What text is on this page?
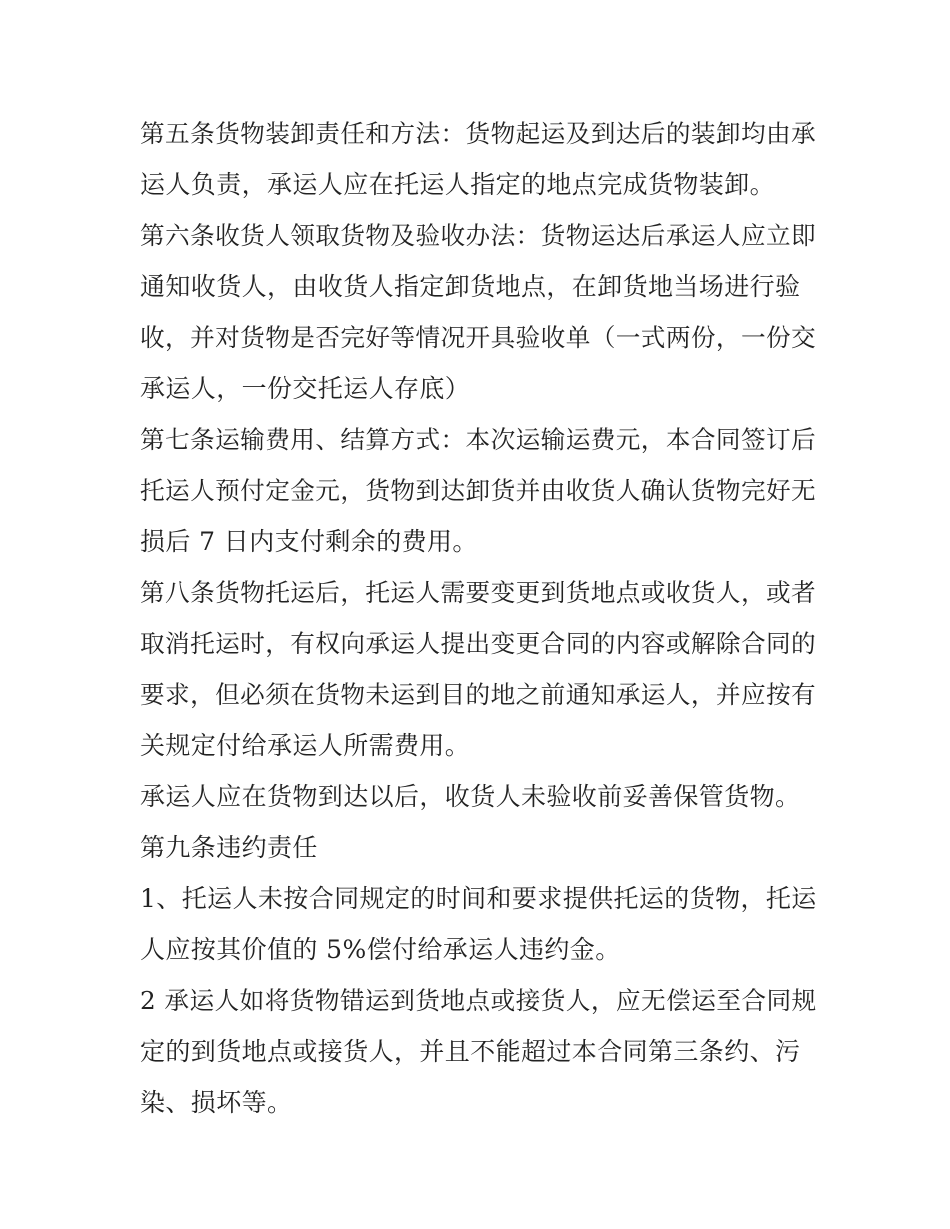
第五条货物装卸责任和方法：货物起运及到达后的装卸均由承
运人负责，承运人应在托运人指定的地点完成货物装卸。
第六条收货人领取货物及验收办法：货物运达后承运人应立即
通知收货人，由收货人指定卸货地点，在卸货地当场进行验
收，并对货物是否完好等情况开具验收单（一式两份，一份交
承运人，一份交托运人存底）
第七条运输费用、结算方式：本次运输运费元，本合同签订后
托运人预付定金元，货物到达卸货并由收货人确认货物完好无
损后 7 日内支付剩余的费用。
第八条货物托运后，托运人需要变更到货地点或收货人，或者
取消托运时，有权向承运人提出变更合同的内容或解除合同的
要求，但必须在货物未运到目的地之前通知承运人，并应按有
关规定付给承运人所需费用。
承运人应在货物到达以后，收货人未验收前妥善保管货物。
第九条违约责任
1、托运人未按合同规定的时间和要求提供托运的货物，托运
人应按其价值的 5%偿付给承运人违约金。
2 承运人如将货物错运到货地点或接货人，应无偿运至合同规
定的到货地点或接货人，并且不能超过本合同第三条约、污
染、损坏等。
